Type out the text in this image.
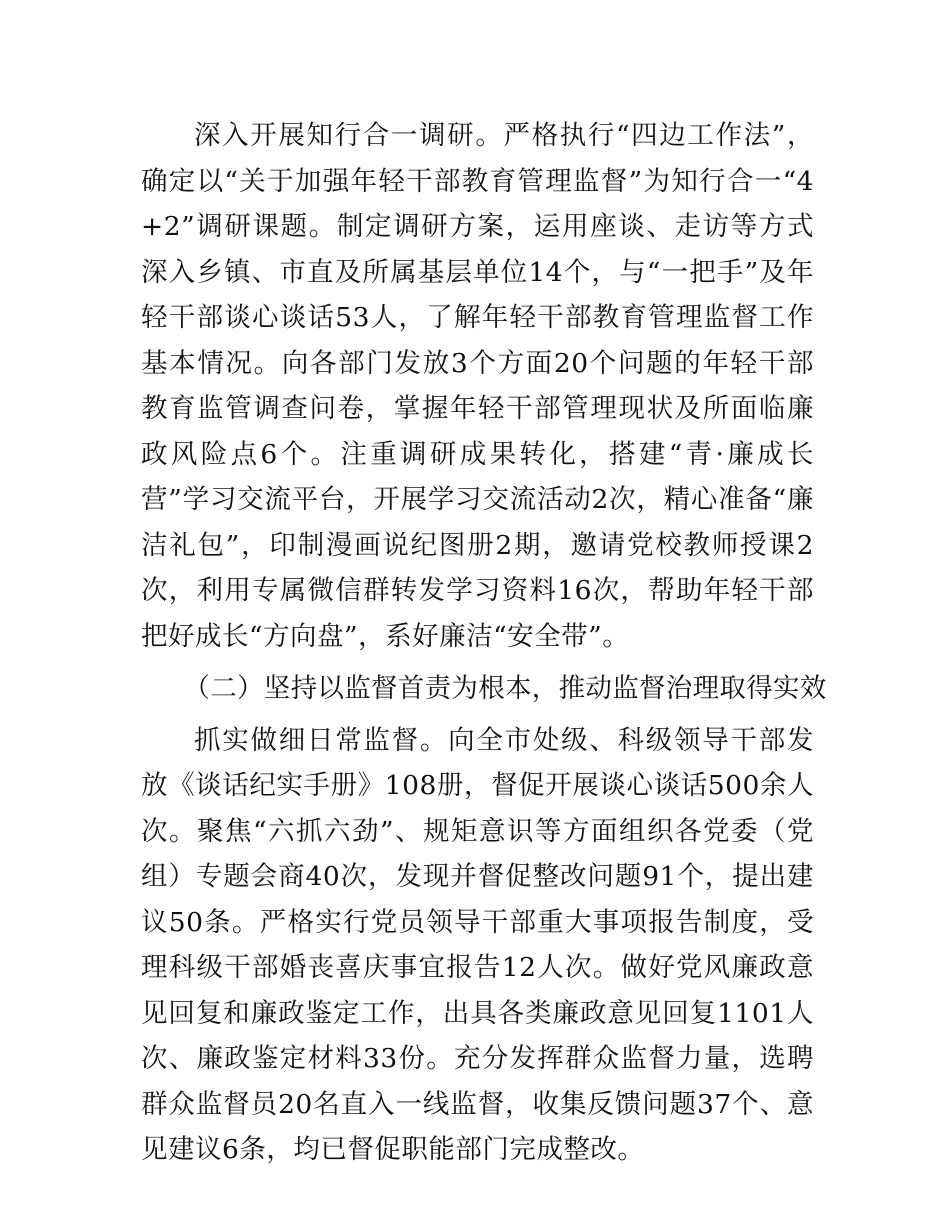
深入开展知行合一调研。严格执行“四边工作法”，确定以“关于加强年轻干部教育管理监督”为知行合一“4+2”调研课题。制定调研方案，运用座谈、走访等方式深入乡镇、市直及所属基层单位14个，与“一把手”及年轻干部谈心谈话53人，了解年轻干部教育管理监督工作基本情况。向各部门发放3个方面20个问题的年轻干部教育监管调查问卷，掌握年轻干部管理现状及所面临廉政风险点6个。注重调研成果转化，搭建“青·廉成长营”学习交流平台，开展学习交流活动2次，精心准备“廉洁礼包”，印制漫画说纪图册2期，邀请党校教师授课2次，利用专属微信群转发学习资料16次，帮助年轻干部把好成长“方向盘”，系好廉洁“安全带”。

（二）坚持以监督首责为根本，推动监督治理取得实效

抓实做细日常监督。向全市处级、科级领导干部发放《谈话纪实手册》108册，督促开展谈心谈话500余人次。聚焦“六抓六劲”、规矩意识等方面组织各党委（党组）专题会商40次，发现并督促整改问题91个，提出建议50条。严格实行党员领导干部重大事项报告制度，受理科级干部婚丧喜庆事宜报告12人次。做好党风廉政意见回复和廉政鉴定工作，出具各类廉政意见回复1101人次、廉政鉴定材料33份。充分发挥群众监督力量，选聘群众监督员20名直入一线监督，收集反馈问题37个、意见建议6条，均已督促职能部门完成整改。
